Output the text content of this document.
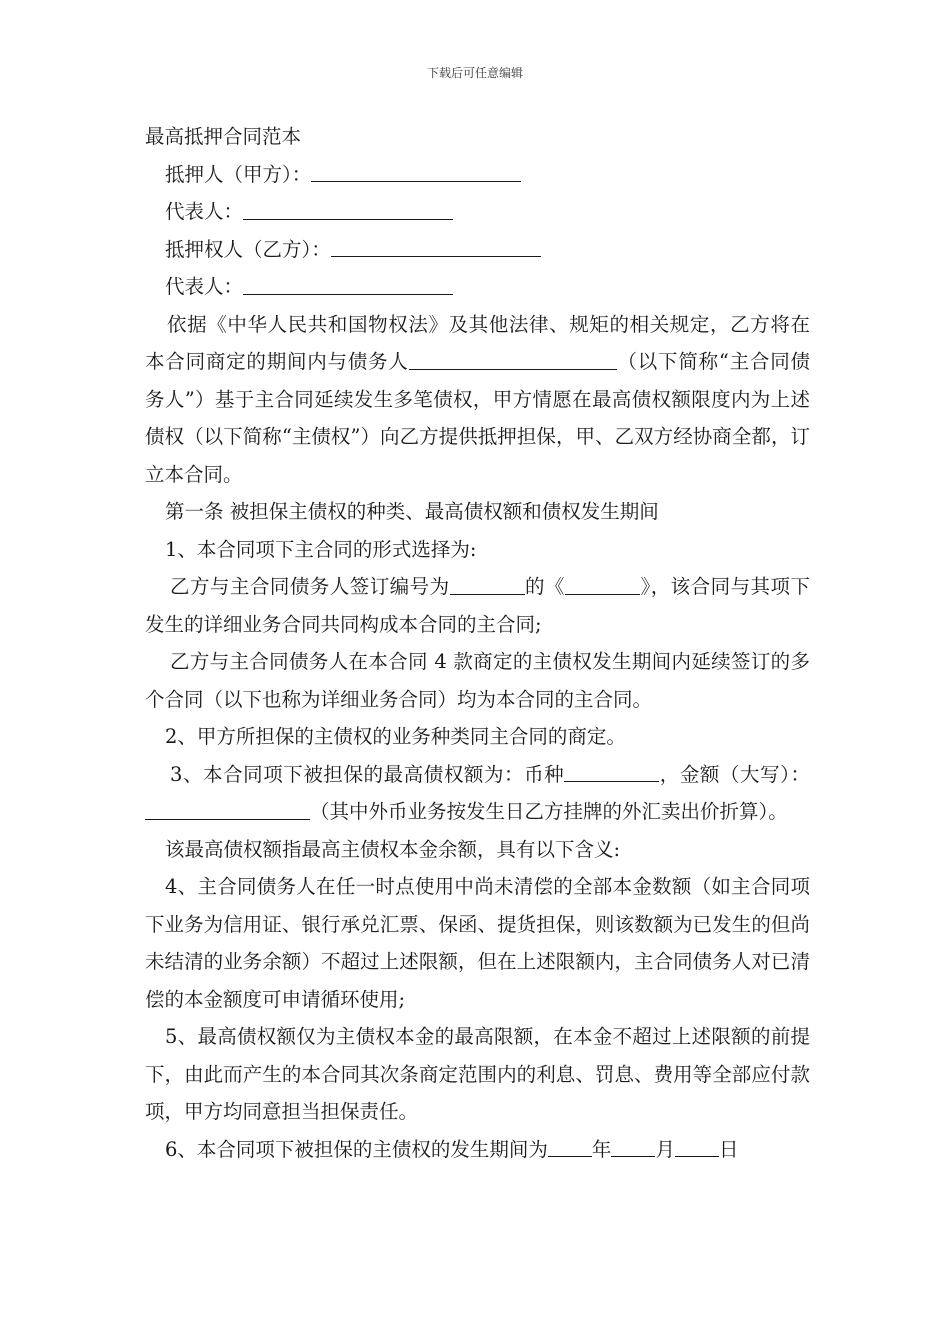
下载后可任意编辑

最高抵押合同范本

抵押人（甲方）：

代表人：

抵押权人（乙方）：

代表人：

依据《中华人民共和国物权法》及其他法律、规矩的相关规定，乙方将在本合同商定的期间内与债务人	（以下简称“主合同债务人”）基于主合同延续发生多笔债权，甲方情愿在最高债权额限度内为上述债权（以下简称“主债权”）向乙方提供抵押担保，甲、乙双方经协商全都，订立本合同。

第一条 被担保主债权的种类、最高债权额和债权发生期间

1、本合同项下主合同的形式选择为:

乙方与主合同债务人签订编号为	的《	》，该合同与其项下发生的详细业务合同共同构成本合同的主合同;

乙方与主合同债务人在本合同 4 款商定的主债权发生期间内延续签订的多个合同（以下也称为详细业务合同）均为本合同的主合同。

2、甲方所担保的主债权的业务种类同主合同的商定。

3、本合同项下被担保的最高债权额为：币种	，金额（大写）：（其中外币业务按发生日乙方挂牌的外汇卖出价折算）。

该最高债权额指最高主债权本金余额，具有以下含义:

4、主合同债务人在任一时点使用中尚未清偿的全部本金数额（如主合同项下业务为信用证、银行承兑汇票、保函、提货担保，则该数额为已发生的但尚未结清的业务余额）不超过上述限额，但在上述限额内，主合同债务人对已清偿的本金额度可申请循环使用;

5、最高债权额仅为主债权本金的最高限额，在本金不超过上述限额的前提下，由此而产生的本合同其次条商定范围内的利息、罚息、费用等全部应付款项，甲方均同意担当担保责任。

6、本合同项下被担保的主债权的发生期间为 年 月 日
